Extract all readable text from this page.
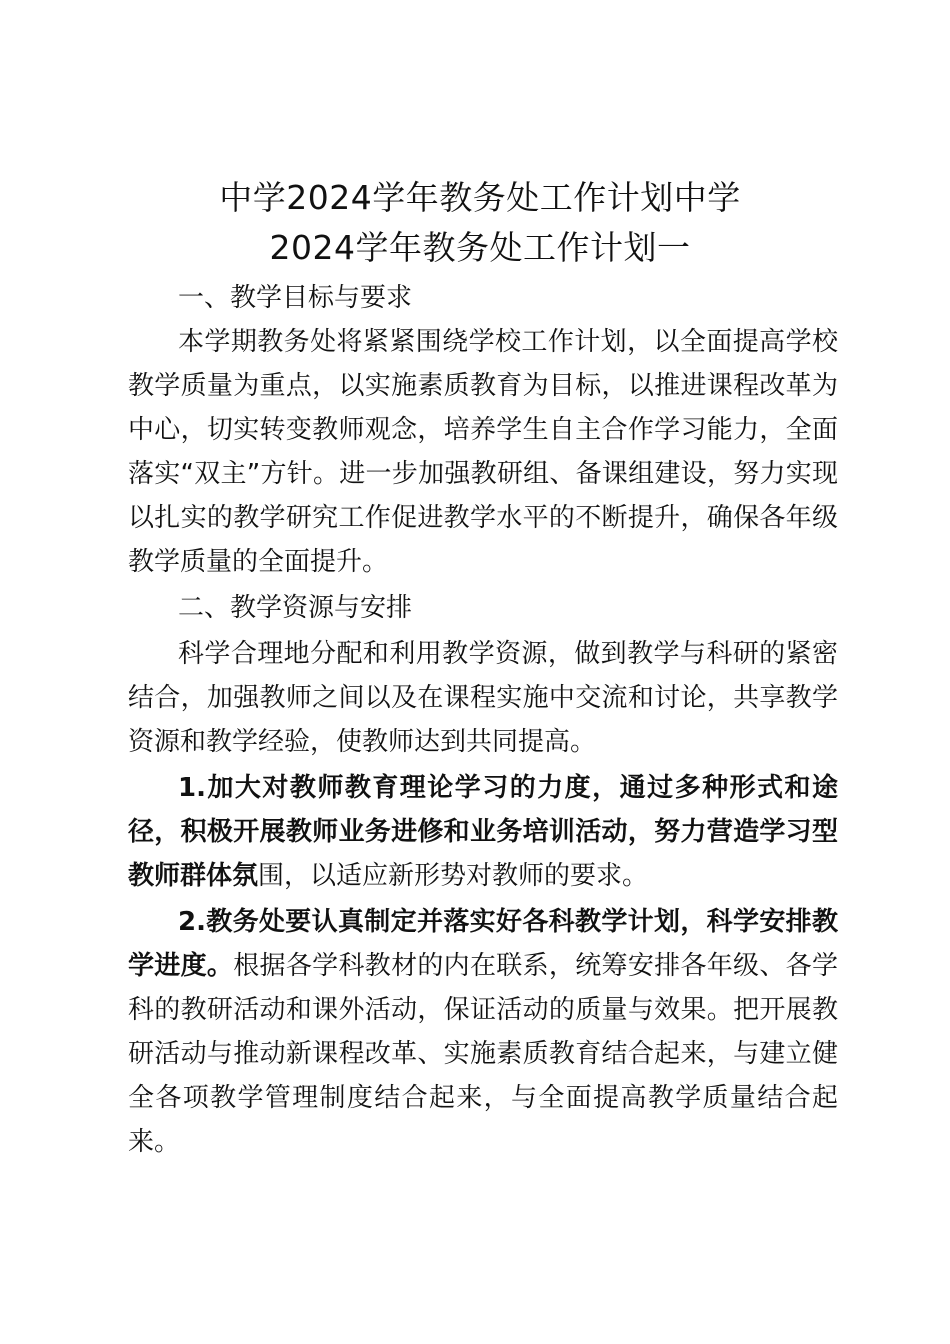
中学2024学年教务处工作计划中学
2024学年教务处工作计划一

一、教学目标与要求

本学期教务处将紧紧围绕学校工作计划，以全面提高学校

教学质量为重点，以实施素质教育为目标，以推进课程改革为

中心，切实转变教师观念，培养学生自主合作学习能力，全面

落实“双主”方针。进一步加强教研组、备课组建设，努力实现

以扎实的教学研究工作促进教学水平的不断提升，确保各年级

教学质量的全面提升。

二、教学资源与安排

科学合理地分配和利用教学资源，做到教学与科研的紧密

结合，加强教师之间以及在课程实施中交流和讨论，共享教学

资源和教学经验，使教师达到共同提高。

1.加大对教师教育理论学习的力度，通过多种形式和途

径，积极开展教师业务进修和业务培训活动，努力营造学习型

教师群体氛围，以适应新形势对教师的要求。

2.教务处要认真制定并落实好各科教学计划，科学安排教

学进度。根据各学科教材的内在联系，统筹安排各年级、各学

科的教研活动和课外活动，保证活动的质量与效果。把开展教

研活动与推动新课程改革、实施素质教育结合起来，与建立健

全各项教学管理制度结合起来，与全面提高教学质量结合起

来。
